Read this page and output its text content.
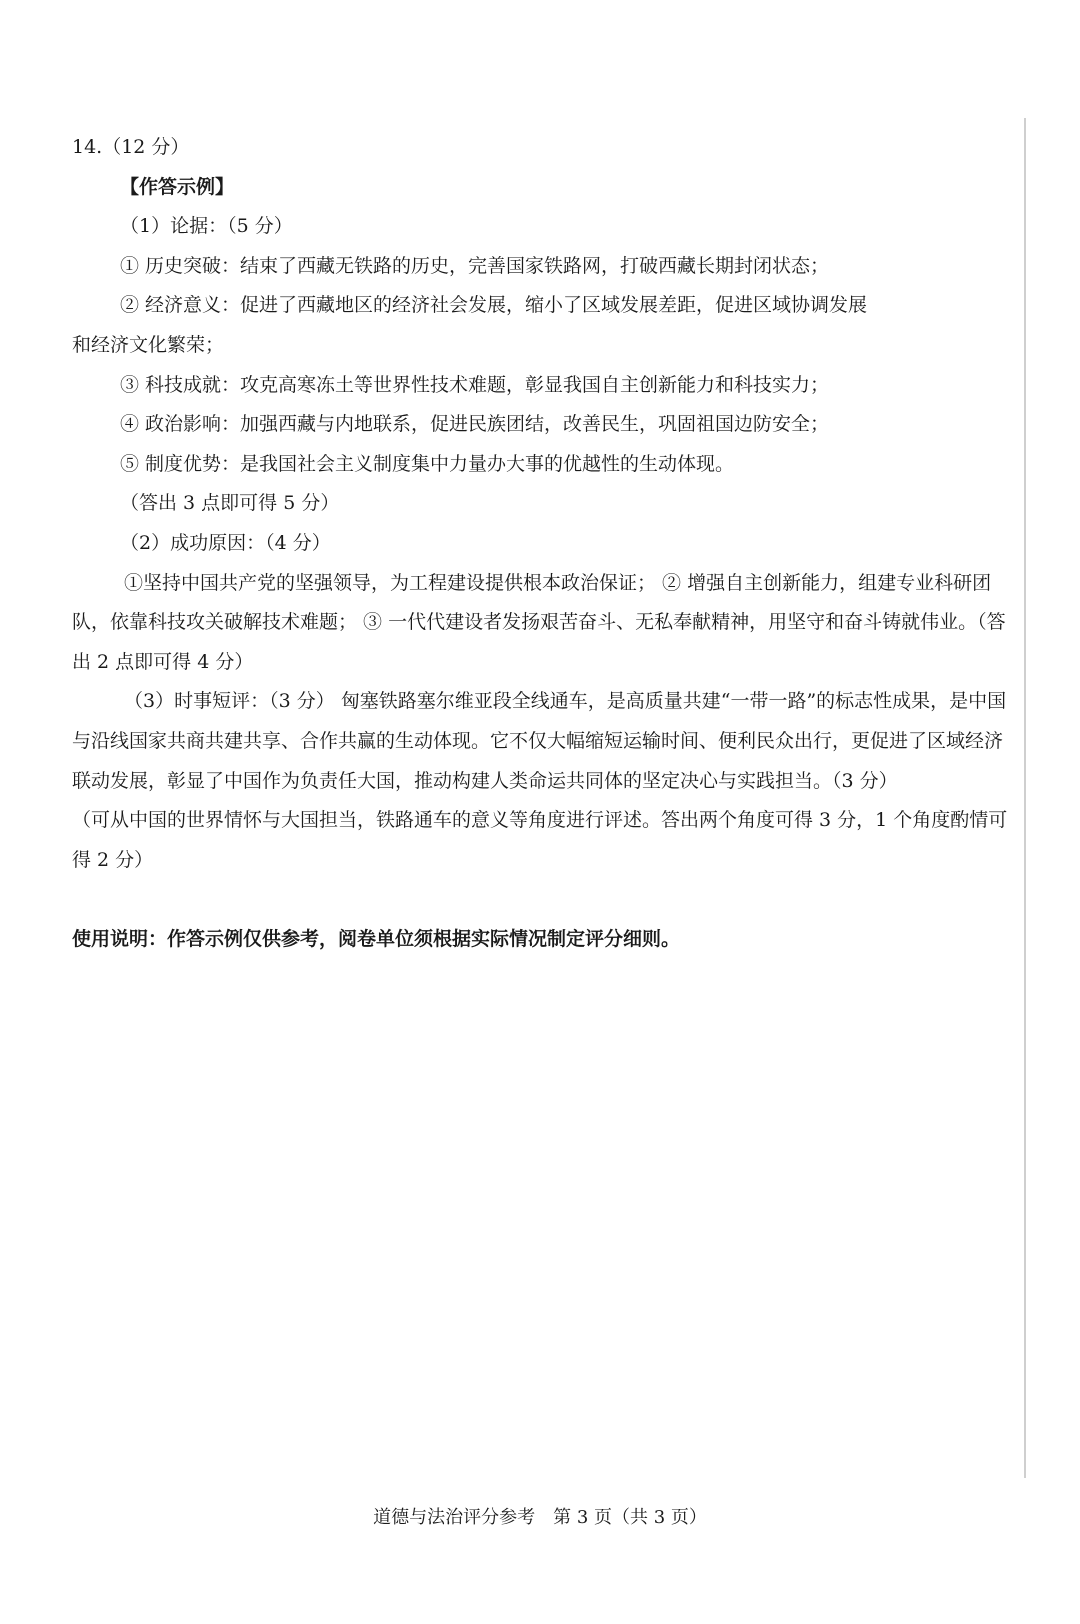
14.（12 分）
【作答示例】
（1）论据：（5 分）
① 历史突破：结束了西藏无铁路的历史，完善国家铁路网，打破西藏长期封闭状态；
② 经济意义：促进了西藏地区的经济社会发展，缩小了区域发展差距，促进区域协调发展
和经济文化繁荣；
③ 科技成就：攻克高寒冻土等世界性技术难题，彰显我国自主创新能力和科技实力；
④ 政治影响：加强西藏与内地联系，促进民族团结，改善民生，巩固祖国边防安全；
⑤ 制度优势：是我国社会主义制度集中力量办大事的优越性的生动体现。
（答出 3 点即可得 5 分）
（2）成功原因：（4 分）
①坚持中国共产党的坚强领导，为工程建设提供根本政治保证； ② 增强自主创新能力，组建专业科研团队，依靠科技攻关破解技术难题； ③ 一代代建设者发扬艰苦奋斗、无私奉献精神，用坚守和奋斗铸就伟业。（答出 2 点即可得 4 分）
（3）时事短评：（3 分） 匈塞铁路塞尔维亚段全线通车，是高质量共建“一带一路”的标志性成果，是中国与沿线国家共商共建共享、合作共赢的生动体现。它不仅大幅缩短运输时间、便利民众出行，更促进了区域经济联动发展，彰显了中国作为负责任大国，推动构建人类命运共同体的坚定决心与实践担当。（3 分）
（可从中国的世界情怀与大国担当，铁路通车的意义等角度进行评述。答出两个角度可得 3 分，1 个角度酌情可得 2 分）
使用说明：作答示例仅供参考，阅卷单位须根据实际情况制定评分细则。
道德与法治评分参考　第 3 页（共 3 页）
